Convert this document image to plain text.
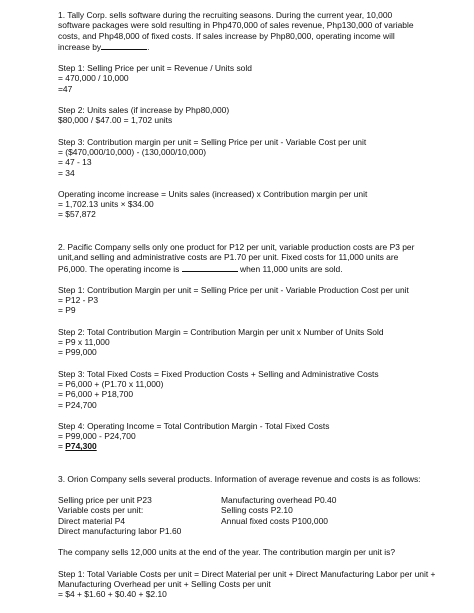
1. Tally Corp. sells software during the recruiting seasons. During the current year, 10,000
software packages were sold resulting in Php470,000 of sales revenue, Php130,000 of variable
costs, and Php48,000 of fixed costs. If sales increase by Php80,000, operating income will
increase by	.
Step 1: Selling Price per unit = Revenue / Units sold
= 470,000 / 10,000
=47
Step 2: Units sales (if increase by Php80,000)
$80,000 / $47.00 = 1,702 units
Step 3: Contribution margin per unit = Selling Price per unit - Variable Cost per unit
= ($470,000/10,000) - (130,000/10,000)
= 47 - 13
= 34
Operating income increase = Units sales (increased) x Contribution margin per unit
= 1,702.13 units × $34.00
= $57,872
2. Pacific Company sells only one product for P12 per unit, variable production costs are P3 per
unit,and selling and administrative costs are P1.70 per unit. Fixed costs for 11,000 units are
P6,000. The operating income is	when 11,000 units are sold.
Step 1: Contribution Margin per unit = Selling Price per unit - Variable Production Cost per unit
= P12 - P3
= P9
Step 2: Total Contribution Margin = Contribution Margin per unit x Number of Units Sold
= P9 x 11,000
= P99,000
Step 3: Total Fixed Costs = Fixed Production Costs + Selling and Administrative Costs
= P6,000 + (P1.70 x 11,000)
= P6,000 + P18,700
= P24,700
Step 4: Operating Income = Total Contribution Margin - Total Fixed Costs
= P99,000 - P24,700
= P74,300
3. Orion Company sells several products. Information of average revenue and costs is as follows:
Selling price per unit P23
Variable costs per unit:
Direct material P4
Direct manufacturing labor P1.60
Manufacturing overhead P0.40
Selling costs P2.10
Annual fixed costs P100,000
The company sells 12,000 units at the end of the year. The contribution margin per unit is?
Step 1: Total Variable Costs per unit = Direct Material per unit + Direct Manufacturing Labor per unit +
Manufacturing Overhead per unit + Selling Costs per unit
= $4 + $1.60 + $0.40 + $2.10
